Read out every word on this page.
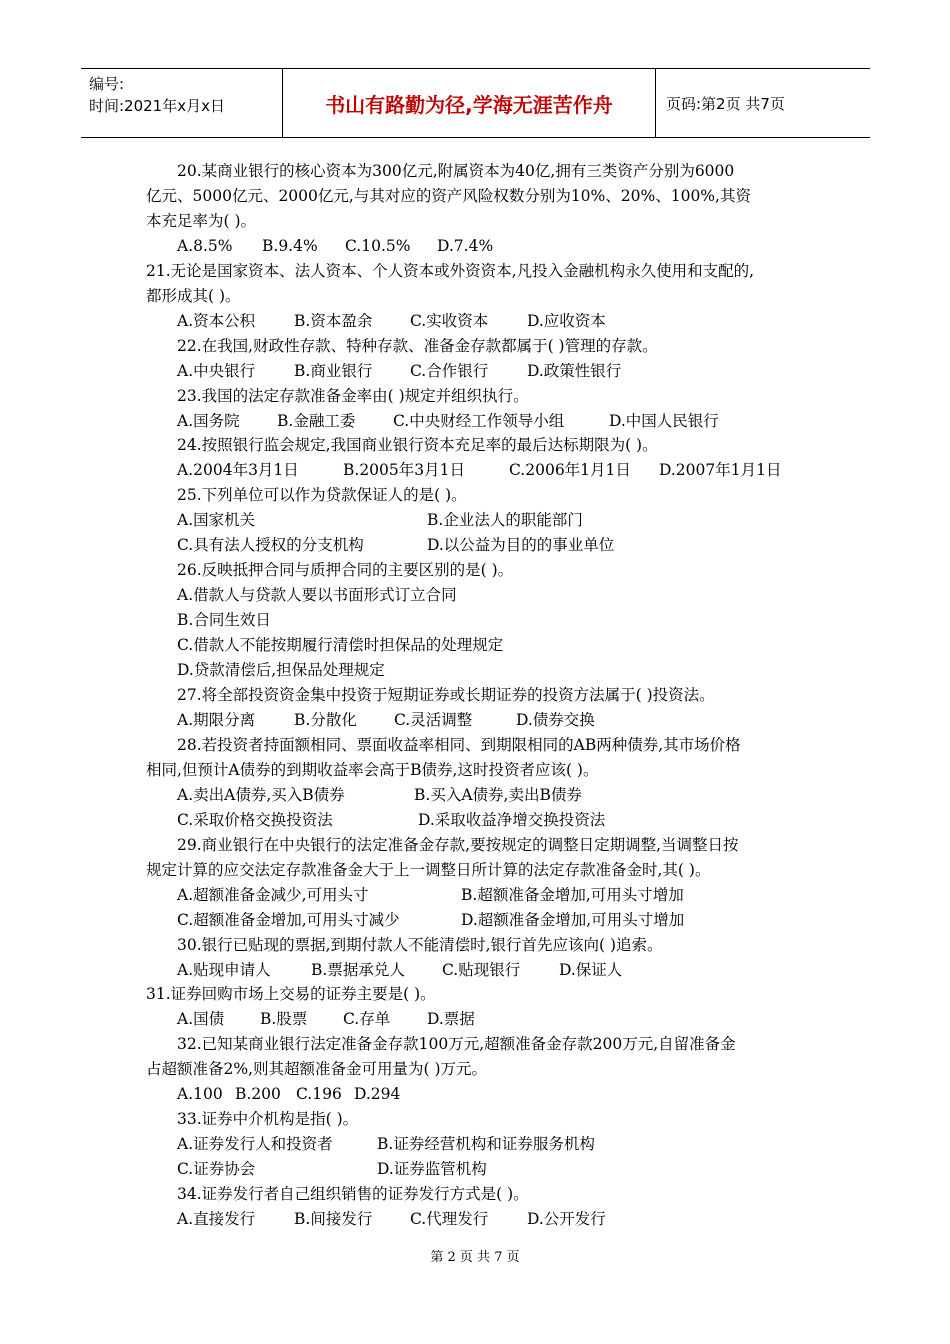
编号:
时间:2021年x月x日	书山有路勤为径,学海无涯苦作舟	页码:第2页 共7页
20.某商业银行的核心资本为300亿元,附属资本为40亿,拥有三类资产分别为6000
亿元、5000亿元、2000亿元,与其对应的资产风险权数分别为10%、20%、100%,其资
本充足率为( )。
A.8.5%	B.9.4%	C.10.5%	D.7.4%
21.无论是国家资本、法人资本、个人资本或外资资本,凡投入金融机构永久使用和支配的,
都形成其( )。
A.资本公积	B.资本盈余	C.实收资本	D.应收资本
22.在我国,财政性存款、特种存款、准备金存款都属于( )管理的存款。
A.中央银行	B.商业银行	C.合作银行	D.政策性银行
23.我国的法定存款准备金率由( )规定并组织执行。
A.国务院	B.金融工委	C.中央财经工作领导小组	D.中国人民银行
24.按照银行监会规定,我国商业银行资本充足率的最后达标期限为( )。
A.2004年3月1日	B.2005年3月1日	C.2006年1月1日	D.2007年1月1日
25.下列单位可以作为贷款保证人的是( )。
A.国家机关	B.企业法人的职能部门
C.具有法人授权的分支机构	D.以公益为目的的事业单位
26.反映抵押合同与质押合同的主要区别的是( )。
A.借款人与贷款人要以书面形式订立合同
B.合同生效日
C.借款人不能按期履行清偿时担保品的处理规定
D.贷款清偿后,担保品处理规定
27.将全部投资资金集中投资于短期证券或长期证券的投资方法属于( )投资法。
A.期限分离	B.分散化	C.灵活调整	D.债券交换
28.若投资者持面额相同、票面收益率相同、到期限相同的AB两种债券,其市场价格
相同,但预计A债券的到期收益率会高于B债券,这时投资者应该( )。
A.卖出A债券,买入B债券	B.买入A债券,卖出B债券
C.采取价格交换投资法	D.采取收益净增交换投资法
29.商业银行在中央银行的法定准备金存款,要按规定的调整日定期调整,当调整日按
规定计算的应交法定存款准备金大于上一调整日所计算的法定存款准备金时,其( )。
A.超额准备金减少,可用头寸	B.超额准备金增加,可用头寸增加
C.超额准备金增加,可用头寸减少	D.超额准备金增加,可用头寸增加
30.银行已贴现的票据,到期付款人不能清偿时,银行首先应该向( )追索。
A.贴现申请人	B.票据承兑人	C.贴现银行	D.保证人
31.证券回购市场上交易的证券主要是( )。
A.国债	B.股票	C.存单	D.票据
32.已知某商业银行法定准备金存款100万元,超额准备金存款200万元,自留准备金
占超额准备2%,则其超额准备金可用量为( )万元。
A.100 B.200 C.196 D.294
33.证券中介机构是指( )。
A.证券发行人和投资者	B.证券经营机构和证券服务机构
C.证券协会	D.证券监管机构
34.证券发行者自己组织销售的证券发行方式是( )。
A.直接发行	B.间接发行	C.代理发行	D.公开发行
第 2 页 共 7 页
